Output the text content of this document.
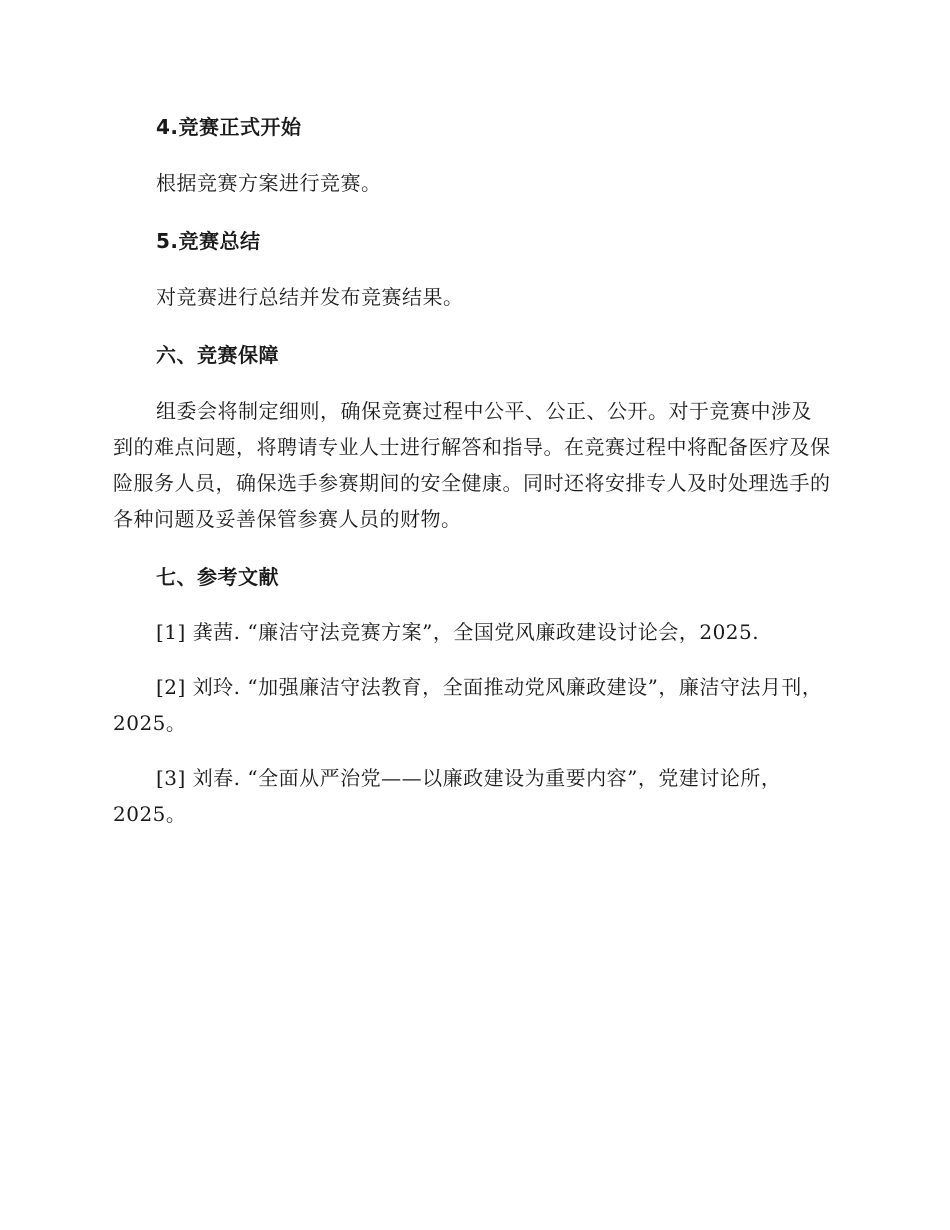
4.竞赛正式开始

根据竞赛方案进行竞赛。

5.竞赛总结

对竞赛进行总结并发布竞赛结果。

六、竞赛保障

组委会将制定细则，确保竞赛过程中公平、公正、公开。对于竞赛中涉及到的难点问题，将聘请专业人士进行解答和指导。在竞赛过程中将配备医疗及保险服务人员，确保选手参赛期间的安全健康。同时还将安排专人及时处理选手的各种问题及妥善保管参赛人员的财物。

七、参考文献

[1] 龚茜. “廉洁守法竞赛方案”，全国党风廉政建设讨论会，2025.

[2] 刘玲. “加强廉洁守法教育，全面推动党风廉政建设”，廉洁守法月刊，2025。

[3] 刘春. “全面从严治党——以廉政建设为重要内容”，党建讨论所，2025。
